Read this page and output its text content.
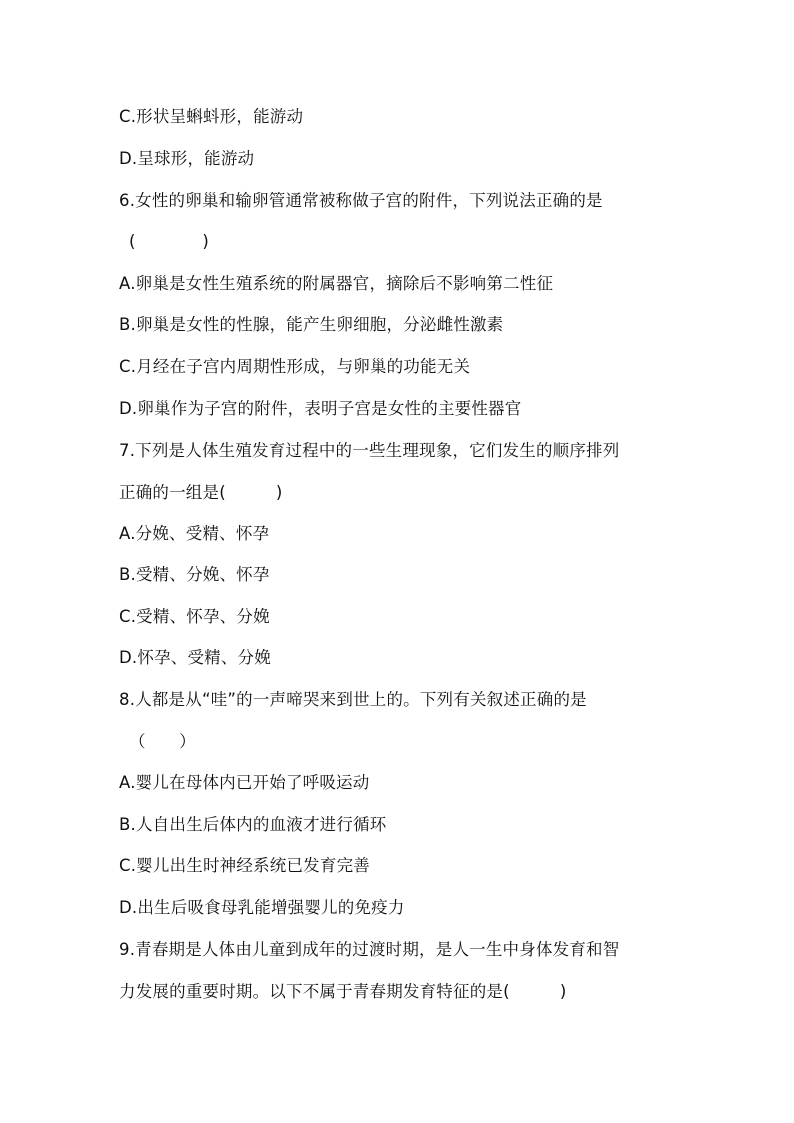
C.形状呈蝌蚪形，能游动
D.呈球形，能游动
6.女性的卵巢和输卵管通常被称做子宫的附件，下列说法正确的是
(　　　　)
A.卵巢是女性生殖系统的附属器官，摘除后不影响第二性征
B.卵巢是女性的性腺，能产生卵细胞，分泌雌性激素
C.月经在子宫内周期性形成，与卵巢的功能无关
D.卵巢作为子宫的附件，表明子宫是女性的主要性器官
7.下列是人体生殖发育过程中的一些生理现象，它们发生的顺序排列
正确的一组是(　　　)
A.分娩、受精、怀孕
B.受精、分娩、怀孕
C.受精、怀孕、分娩
D.怀孕、受精、分娩
8.人都是从“哇”的一声啼哭来到世上的。下列有关叙述正确的是
（　　）
A.婴儿在母体内已开始了呼吸运动
B.人自出生后体内的血液才进行循环
C.婴儿出生时神经系统已发育完善
D.出生后吸食母乳能增强婴儿的免疫力
9.青春期是人体由儿童到成年的过渡时期，是人一生中身体发育和智
力发展的重要时期。以下不属于青春期发育特征的是(　　　)
